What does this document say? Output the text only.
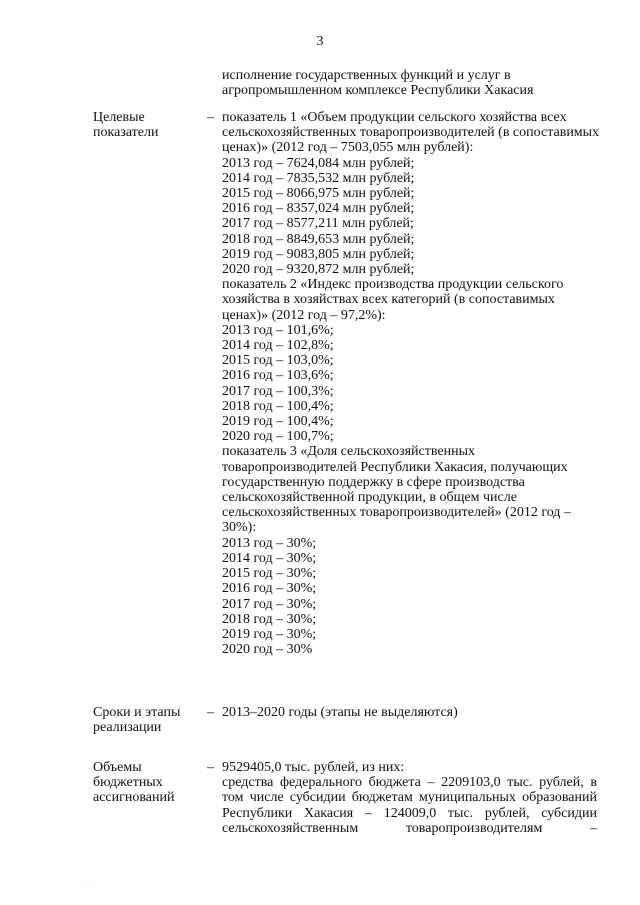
3
исполнение государственных функций и услуг в
агропромышленном комплексе Республики Хакасия
Целевые
показатели
– показатель 1 «Объем продукции сельского хозяйства всех
сельскохозяйственных товаропроизводителей (в сопоставимых
ценах)» (2012 год – 7503,055 млн рублей):
2013 год – 7624,084 млн рублей;
2014 год – 7835,532 млн рублей;
2015 год – 8066,975 млн рублей;
2016 год – 8357,024 млн рублей;
2017 год – 8577,211 млн рублей;
2018 год – 8849,653 млн рублей;
2019 год – 9083,805 млн рублей;
2020 год – 9320,872 млн рублей;
показатель 2 «Индекс производства продукции сельского
хозяйства в хозяйствах всех категорий (в сопоставимых
ценах)» (2012 год – 97,2%):
2013 год – 101,6%;
2014 год – 102,8%;
2015 год – 103,0%;
2016 год – 103,6%;
2017 год – 100,3%;
2018 год – 100,4%;
2019 год – 100,4%;
2020 год – 100,7%;
показатель 3 «Доля сельскохозяйственных
товаропроизводителей Республики Хакасия, получающих
государственную поддержку в сфере производства
сельскохозяйственной продукции, в общем числе
сельскохозяйственных товаропроизводителей» (2012 год –
30%):
2013 год – 30%;
2014 год – 30%;
2015 год – 30%;
2016 год – 30%;
2017 год – 30%;
2018 год – 30%;
2019 год – 30%;
2020 год – 30%
Сроки и этапы
реализации
– 2013–2020 годы (этапы не выделяются)
Объемы
бюджетных
ассигнований
– 9529405,0 тыс. рублей, из них:
средства федерального бюджета – 2209103,0 тыс. рублей, в
том числе субсидии бюджетам муниципальных образований
Республики Хакасия – 124009,0 тыс. рублей, субсидии
сельскохозяйственным товаропроизводителям –
. .
